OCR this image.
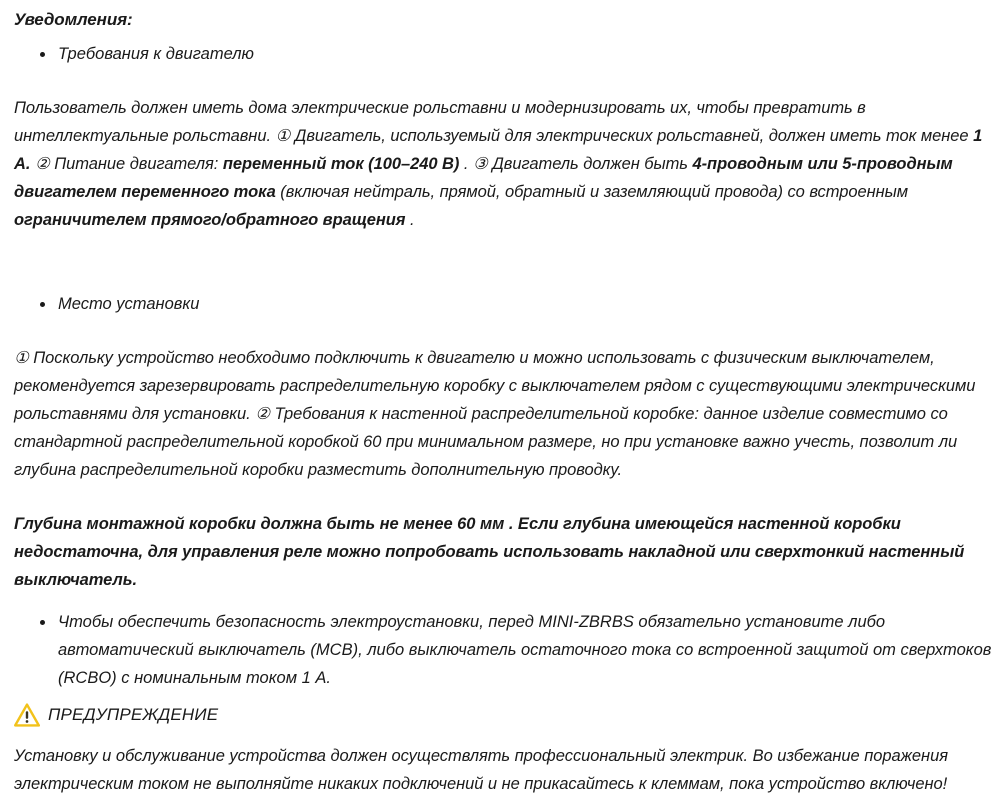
Уведомления:
Требования к двигателю

Пользователь должен иметь дома электрические рольставни и модернизировать их, чтобы превратить в интеллектуальные рольставни. ① Двигатель, используемый для электрических рольставней, должен иметь ток менее 1 A. ② Питание двигателя: переменный ток (100–240 В) . ③ Двигатель должен быть 4-проводным или 5-проводным двигателем переменного тока (включая нейтраль, прямой, обратный и заземляющий провода) со встроенным ограничителем прямого/обратного вращения .

Место установки

① Поскольку устройство необходимо подключить к двигателю и можно использовать с физическим выключателем, рекомендуется зарезервировать распределительную коробку с выключателем рядом с существующими электрическими рольставнями для установки. ② Требования к настенной распределительной коробке: данное изделие совместимо со стандартной распределительной коробкой 60 при минимальном размере, но при установке важно учесть, позволит ли глубина распределительной коробки разместить дополнительную проводку.

Глубина монтажной коробки должна быть не менее 60 мм . Если глубина имеющейся настенной коробки недостаточна, для управления реле можно попробовать использовать накладной или сверхтонкий настенный выключатель.

Чтобы обеспечить безопасность электроустановки, перед MINI-ZBRBS обязательно установите либо автоматический выключатель (MCB), либо выключатель остаточного тока со встроенной защитой от сверхтоков (RCBO) с номинальным током 1 A.
ПРЕДУПРЕЖДЕНИЕ

Установку и обслуживание устройства должен осуществлять профессиональный электрик. Во избежание поражения электрическим током не выполняйте никаких подключений и не прикасайтесь к клеммам, пока устройство включено!
